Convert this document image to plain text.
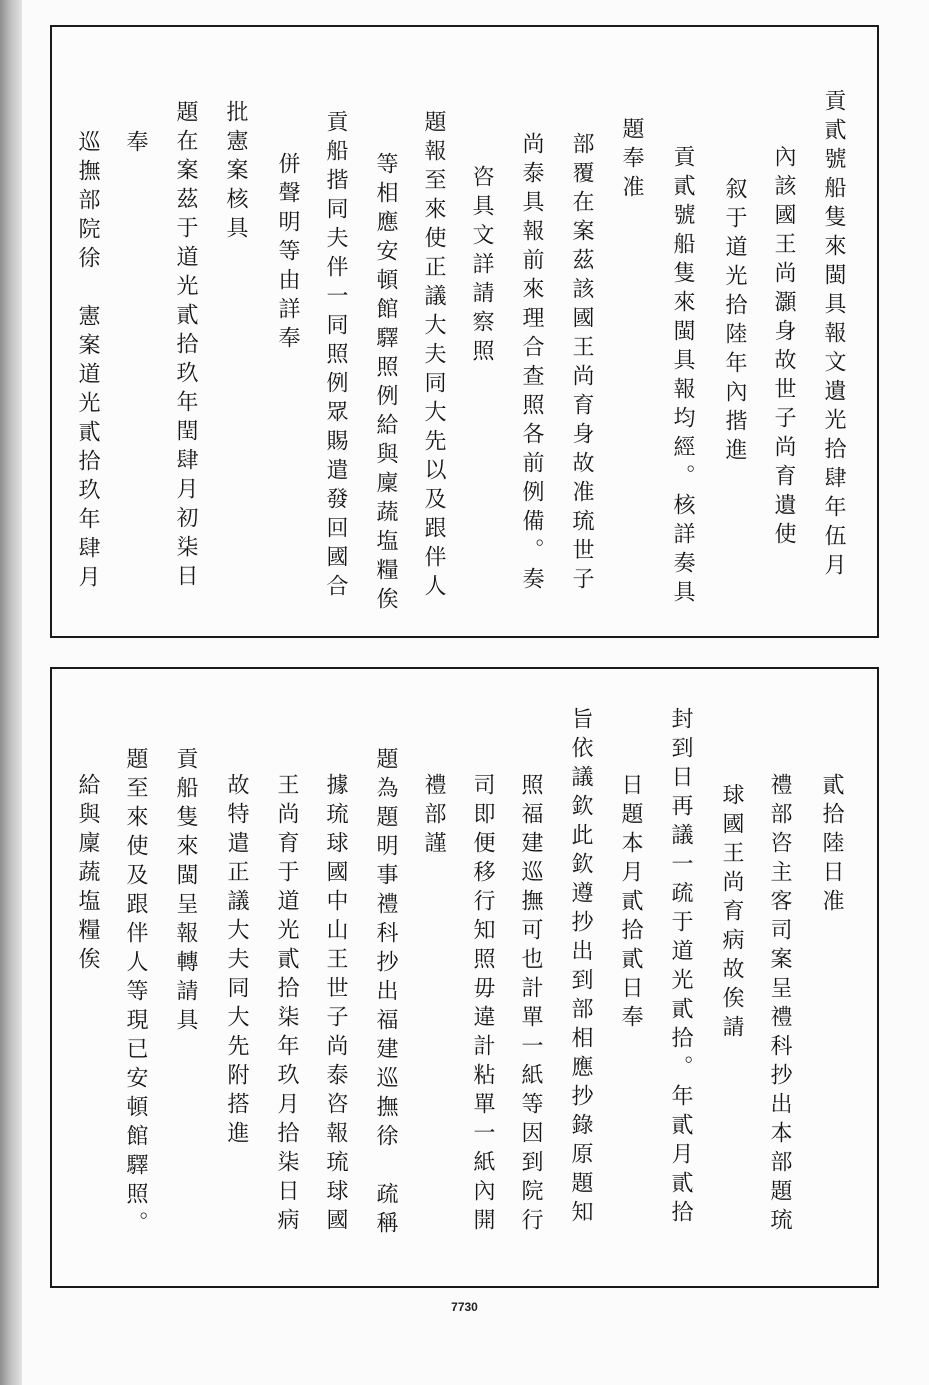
貢貳號船隻來閩具報文遺光拾肆年伍月

內該國王尚灝身故世子尚育遺使

叙于道光拾陸年內揩進

貢貳號船隻來閩具報均經。核詳奏具

題奉准

部覆在案茲該國王尚育身故准琉世子

尚泰具報前來理合查照各前例備。奏

咨具文詳請察照

題報至來使正議大夫同大先以及跟伴人

等相應安頓館驛照例給與廩蔬塩糧俟

貢船揩同夫伴一同照例眾賜遣發回國合

併聲明等由詳奉

批憲案核具

題在案茲于道光貳拾玖年閏肆月初柒日

奉

巡撫部院徐　憲案道光貳拾玖年肆月

貳拾陸日准

禮部咨主客司案呈禮科抄出本部題琉

球國王尚育病故俟請

封到日再議一疏于道光貳拾。年貳月貳拾

日題本月貳拾貳日奉

旨依議欽此欽遵抄出到部相應抄錄原題知

照福建巡撫可也計單一紙等因到院行

司即便移行知照毋違計粘單一紙內開

禮部謹

題為題明事禮科抄出福建巡撫徐　疏稱

據琉球國中山王世子尚泰咨報琉球國

王尚育于道光貳拾柒年玖月拾柒日病

故特遣正議大夫同大先附搭進

貢船隻來閩呈報轉請具

題至來使及跟伴人等現已安頓館驛照。

給與廩蔬塩糧俟

7730
